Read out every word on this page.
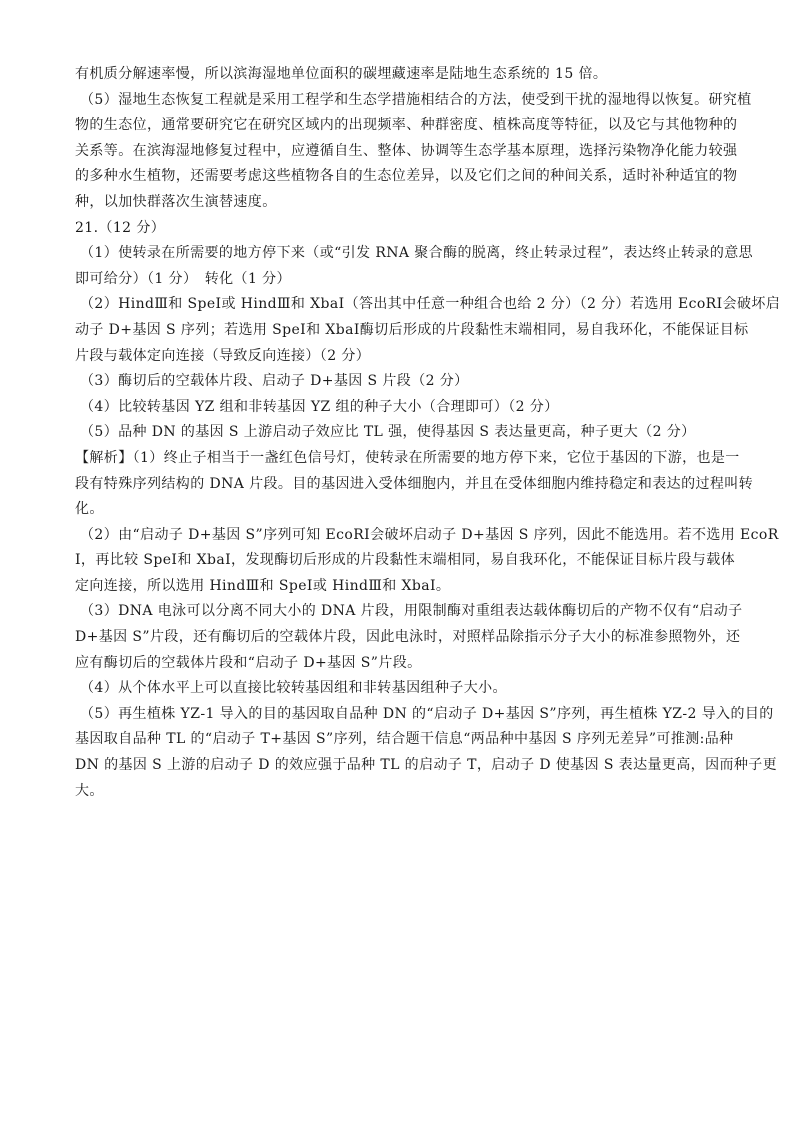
有机质分解速率慢，所以滨海湿地单位面积的碳埋藏速率是陆地生态系统的 15 倍。
（5）湿地生态恢复工程就是采用工程学和生态学措施相结合的方法，使受到干扰的湿地得以恢复。研究植
物的生态位，通常要研究它在研究区域内的出现频率、种群密度、植株高度等特征，以及它与其他物种的
关系等。在滨海湿地修复过程中，应遵循自生、整体、协调等生态学基本原理，选择污染物净化能力较强
的多种水生植物，还需要考虑这些植物各自的生态位差异，以及它们之间的种间关系，适时补种适宜的物
种，以加快群落次生演替速度。
21.（12 分）
（1）使转录在所需要的地方停下来（或“引发 RNA 聚合酶的脱离，终止转录过程”，表达终止转录的意思
即可给分）（1 分）　转化（1 分）
（2）HindⅢ和 SpeⅠ或 HindⅢ和 XbaⅠ（答出其中任意一种组合也给 2 分）（2 分）若选用 EcoRⅠ会破坏启
动子 D+基因 S 序列；若选用 SpeⅠ和 XbaⅠ酶切后形成的片段黏性末端相同，易自我环化，不能保证目标
片段与载体定向连接（导致反向连接）（2 分）
（3）酶切后的空载体片段、启动子 D+基因 S 片段（2 分）
（4）比较转基因 YZ 组和非转基因 YZ 组的种子大小（合理即可）（2 分）
（5）品种 DN 的基因 S 上游启动子效应比 TL 强，使得基因 S 表达量更高，种子更大（2 分）
【解析】（1）终止子相当于一盏红色信号灯，使转录在所需要的地方停下来，它位于基因的下游，也是一
段有特殊序列结构的 DNA 片段。目的基因进入受体细胞内，并且在受体细胞内维持稳定和表达的过程叫转
化。
（2）由“启动子 D+基因 S”序列可知 EcoRⅠ会破坏启动子 D+基因 S 序列，因此不能选用。若不选用 EcoR
Ⅰ，再比较 SpeⅠ和 XbaⅠ，发现酶切后形成的片段黏性末端相同，易自我环化，不能保证目标片段与载体
定向连接，所以选用 HindⅢ和 SpeⅠ或 HindⅢ和 XbaⅠ。
（3）DNA 电泳可以分离不同大小的 DNA 片段，用限制酶对重组表达载体酶切后的产物不仅有“启动子
D+基因 S”片段，还有酶切后的空载体片段，因此电泳时，对照样品除指示分子大小的标准参照物外，还
应有酶切后的空载体片段和“启动子 D+基因 S”片段。
（4）从个体水平上可以直接比较转基因组和非转基因组种子大小。
（5）再生植株 YZ-1 导入的目的基因取自品种 DN 的“启动子 D+基因 S”序列，再生植株 YZ-2 导入的目的
基因取自品种 TL 的“启动子 T+基因 S”序列，结合题干信息“两品种中基因 S 序列无差异”可推测:品种
DN 的基因 S 上游的启动子 D 的效应强于品种 TL 的启动子 T，启动子 D 使基因 S 表达量更高，因而种子更
大。
